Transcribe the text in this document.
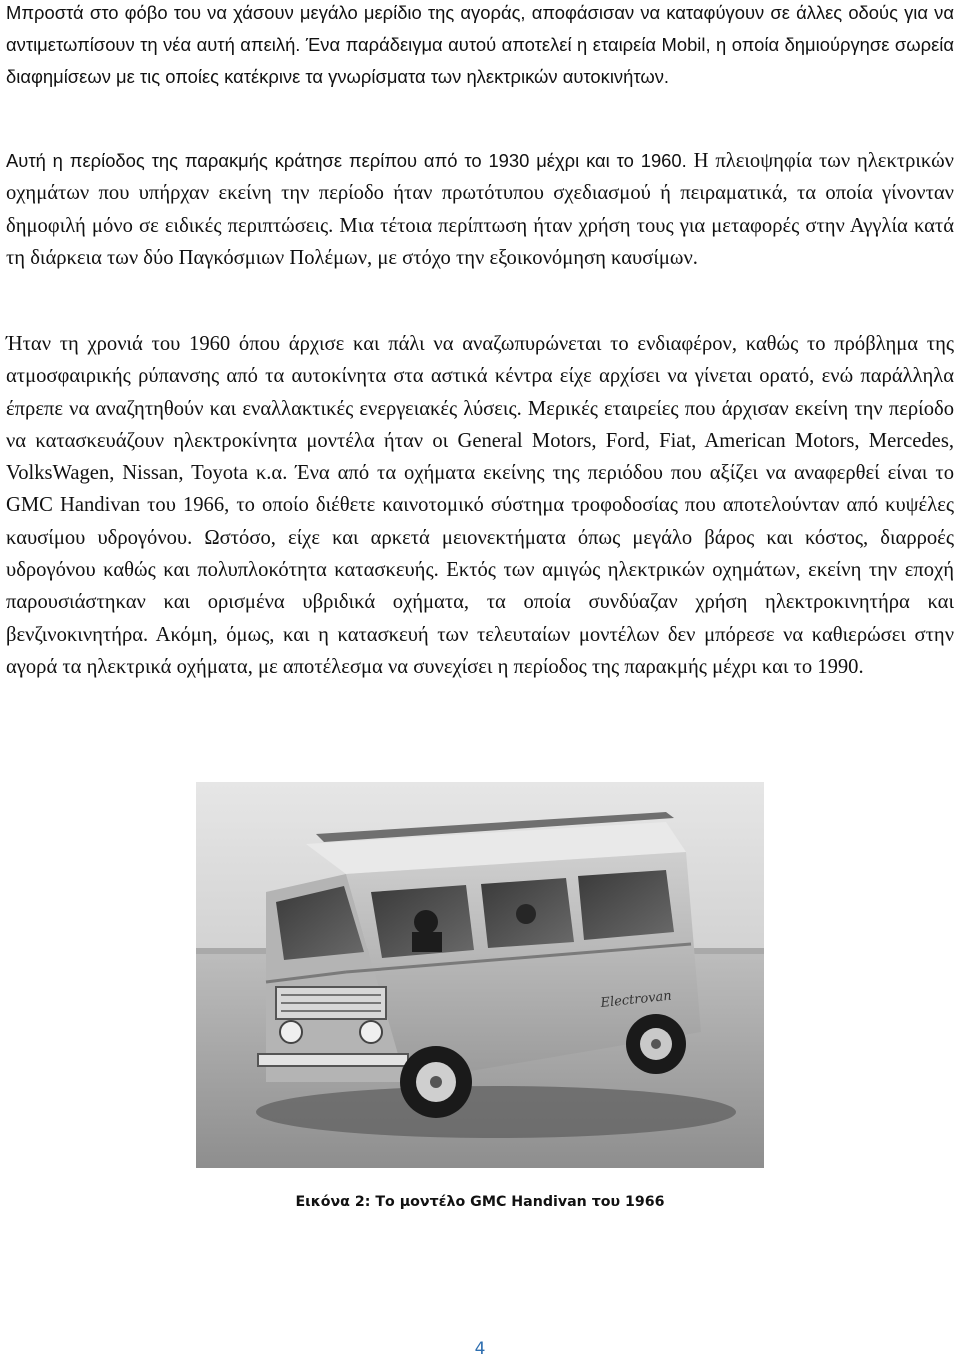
Μπροστά στο φόβο του να χάσουν μεγάλο μερίδιο της αγοράς, αποφάσισαν να καταφύγουν σε άλλες οδούς για να αντιμετωπίσουν τη νέα αυτή απειλή. Ένα παράδειγμα αυτού αποτελεί η εταιρεία Mobil, η οποία δημιούργησε σωρεία διαφημίσεων με τις οποίες κατέκρινε τα γνωρίσματα των ηλεκτρικών αυτοκινήτων.

Αυτή η περίοδος της παρακμής κράτησε περίπου από το 1930 μέχρι και το 1960. Η πλειοψηφία των ηλεκτρικών οχημάτων που υπήρχαν εκείνη την περίοδο ήταν πρωτότυπου σχεδιασμού ή πειραματικά, τα οποία γίνονταν δημοφιλή μόνο σε ειδικές περιπτώσεις. Μια τέτοια περίπτωση ήταν χρήση τους για μεταφορές στην Αγγλία κατά τη διάρκεια των δύο Παγκόσμιων Πολέμων, με στόχο την εξοικονόμηση καυσίμων.

Ήταν τη χρονιά του 1960 όπου άρχισε και πάλι να αναζωπυρώνεται το ενδιαφέρον, καθώς το πρόβλημα της ατμοσφαιρικής ρύπανσης από τα αυτοκίνητα στα αστικά κέντρα είχε αρχίσει να γίνεται ορατό, ενώ παράλληλα έπρεπε να αναζητηθούν και εναλλακτικές ενεργειακές λύσεις. Μερικές εταιρείες που άρχισαν εκείνη την περίοδο να κατασκευάζουν ηλεκτροκίνητα μοντέλα ήταν οι General Motors, Ford, Fiat, American Motors, Mercedes, VolksWagen, Nissan, Toyota κ.α. Ένα από τα οχήματα εκείνης της περιόδου που αξίζει να αναφερθεί είναι το GMC Handivan του 1966, το οποίο διέθετε καινοτομικό σύστημα τροφοδοσίας που αποτελούνταν από κυψέλες καυσίμου υδρογόνου. Ωστόσο, είχε και αρκετά μειονεκτήματα όπως μεγάλο βάρος και κόστος, διαρροές υδρογόνου καθώς και πολυπλοκότητα κατασκευής. Εκτός των αμιγώς ηλεκτρικών οχημάτων, εκείνη την εποχή παρουσιάστηκαν και ορισμένα υβριδικά οχήματα, τα οποία συνδύαζαν χρήση ηλεκτροκινητήρα και βενζινοκινητήρα. Ακόμη, όμως, και η κατασκευή των τελευταίων μοντέλων δεν μπόρεσε να καθιερώσει στην αγορά τα ηλεκτρικά οχήματα, με αποτέλεσμα να συνεχίσει η περίοδος της παρακμής μέχρι και το 1990.

Electrovan
Εικόνα 2: Το μοντέλο GMC Handivan του 1966
4
